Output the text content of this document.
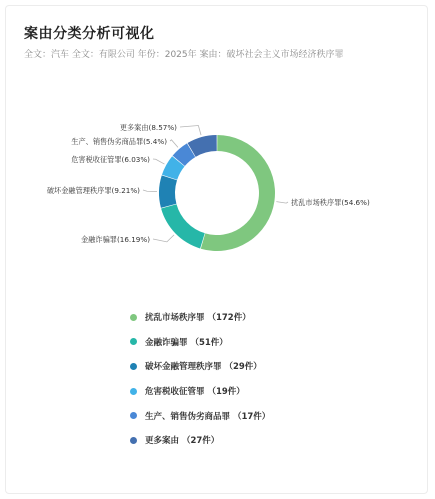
案由分类分析可视化

全文：汽车 全文：有限公司 年份：2025年 案由：破坏社会主义市场经济秩序罪

扰乱市场秩序罪(54.6%)
金融诈骗罪(16.19%)
破坏金融管理秩序罪(9.21%)
危害税收征管罪(6.03%)
生产、销售伪劣商品罪(5.4%)
更多案由(8.57%)
扰乱市场秩序罪 （172件）
金融诈骗罪 （51件）
破坏金融管理秩序罪 （29件）
危害税收征管罪 （19件）
生产、销售伪劣商品罪 （17件）
更多案由 （27件）
